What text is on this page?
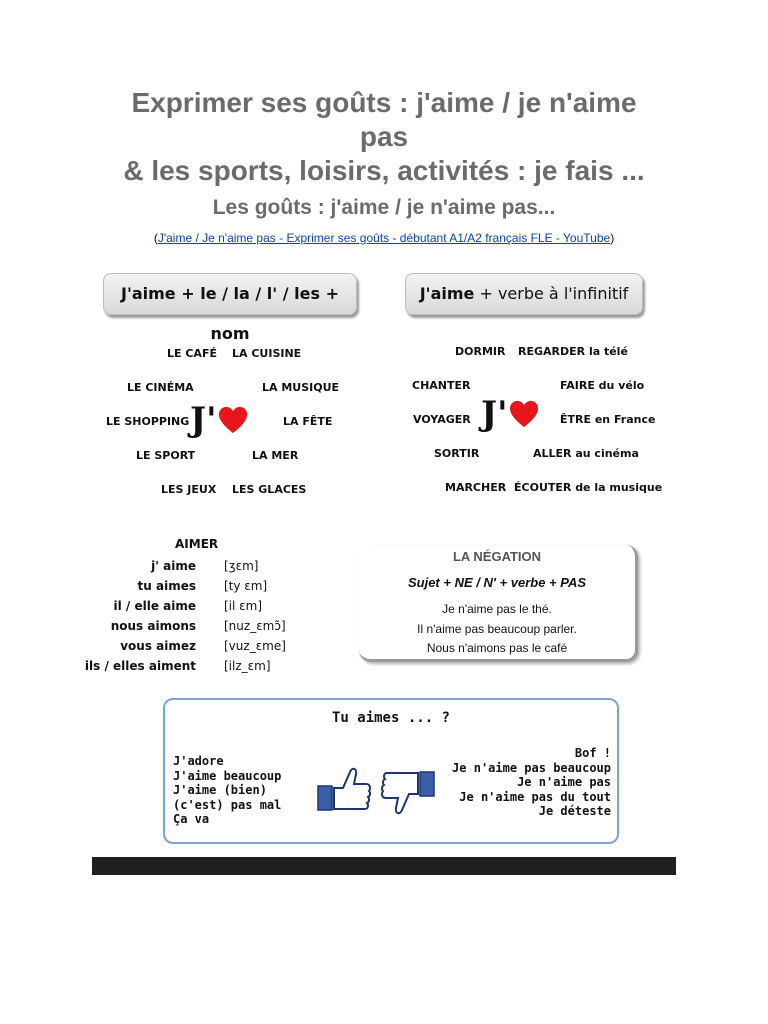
Exprimer ses goûts : j'aime / je n'aime
pas
& les sports, loisirs, activités : je fais ...
Les goûts : j'aime / je n'aime pas...
(J'aime / Je n'aime pas - Exprimer ses goûts - débutant A1/A2 français FLE - YouTube)
J'aime + le / la / l' / les + nom
J'aime + verbe à l'infinitif
LE CAFÉ LA CUISINE
LE CINÉMA	LA MUSIQUE
LE SHOPPING	LA FÊTE
LE SPORT	LA MER
LES JEUX LES GLACES
J'
DORMIR REGARDER la télé
CHANTER	FAIRE du vélo
VOYAGER	ÊTRE en France
SORTIR	ALLER au cinéma
MARCHER ÉCOUTER de la musique
J'
AIMER
j' aime [ʒɛm]
tu aimes [ty ɛm]
il / elle aime [il ɛm]
nous aimons [nuz_ɛmɔ̃]
vous aimez [vuz_ɛme]
ils / elles aiment [ilz_ɛm]
LA NÉGATION
Sujet + NE / N' + verbe + PAS
Je n'aime pas le thé.
Il n'aime pas beaucoup parler.
Nous n'aimons pas le café
Tu aimes ... ?
J'adore
J'aime beaucoup
J'aime (bien)
(c'est) pas mal
Ça va
Bof !
Je n'aime pas beaucoup
Je n'aime pas
Je n'aime pas du tout
Je déteste
